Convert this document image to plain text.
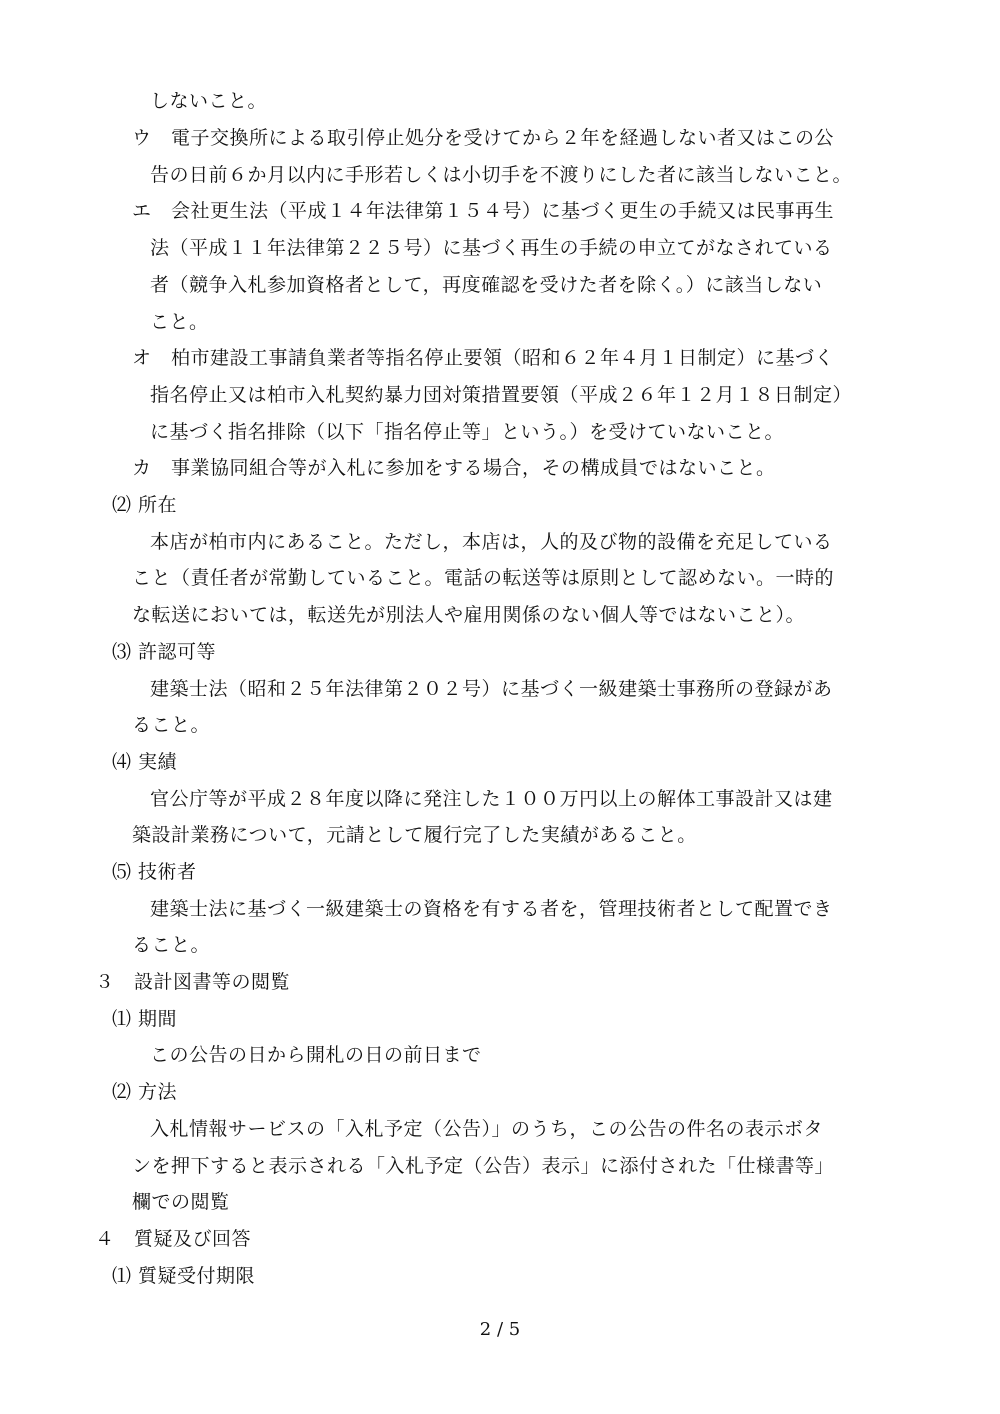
しないこと。
ウ　電子交換所による取引停止処分を受けてから２年を経過しない者又はこの公
告の日前６か月以内に手形若しくは小切手を不渡りにした者に該当しないこと。
エ　会社更生法（平成１４年法律第１５４号）に基づく更生の手続又は民事再生
法（平成１１年法律第２２５号）に基づく再生の手続の申立てがなされている
者（競争入札参加資格者として，再度確認を受けた者を除く。）に該当しない
こと。
オ　柏市建設工事請負業者等指名停止要領（昭和６２年４月１日制定）に基づく
指名停止又は柏市入札契約暴力団対策措置要領（平成２６年１２月１８日制定）
に基づく指名排除（以下「指名停止等」という。）を受けていないこと。
カ　事業協同組合等が入札に参加をする場合，その構成員ではないこと。
⑵ 所在
本店が柏市内にあること。ただし，本店は，人的及び物的設備を充足している
こと（責任者が常勤していること。電話の転送等は原則として認めない。一時的
な転送においては，転送先が別法人や雇用関係のない個人等ではないこと）。
⑶ 許認可等
建築士法（昭和２５年法律第２０２号）に基づく一級建築士事務所の登録があ
ること。
⑷ 実績
官公庁等が平成２８年度以降に発注した１００万円以上の解体工事設計又は建
築設計業務について，元請として履行完了した実績があること。
⑸ 技術者
建築士法に基づく一級建築士の資格を有する者を，管理技術者として配置でき
ること。
３　設計図書等の閲覧
⑴ 期間
この公告の日から開札の日の前日まで
⑵ 方法
入札情報サービスの「入札予定（公告）」のうち，この公告の件名の表示ボタ
ンを押下すると表示される「入札予定（公告）表示」に添付された「仕様書等」
欄での閲覧
４　質疑及び回答
⑴ 質疑受付期限
2 / 5
